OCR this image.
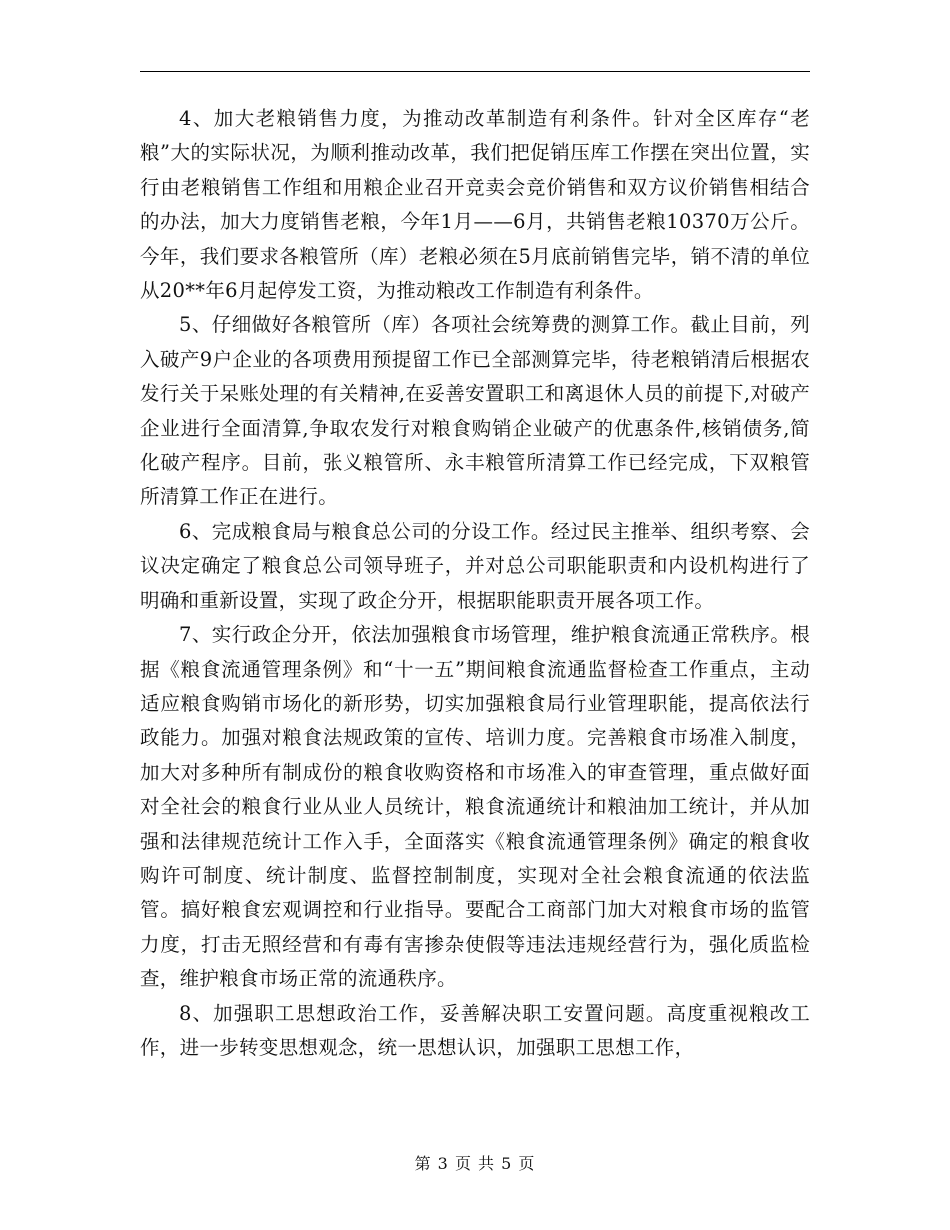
4、加大老粮销售力度，为推动改革制造有利条件。针对全区库存“老粮”大的实际状况，为顺利推动改革，我们把促销压库工作摆在突出位置，实行由老粮销售工作组和用粮企业召开竞卖会竞价销售和双方议价销售相结合的办法，加大力度销售老粮，今年1月——6月，共销售老粮10370万公斤。今年，我们要求各粮管所（库）老粮必须在5月底前销售完毕，销不清的单位从20**年6月起停发工资，为推动粮改工作制造有利条件。

5、仔细做好各粮管所（库）各项社会统筹费的测算工作。截止目前，列入破产9户企业的各项费用预提留工作已全部测算完毕，待老粮销清后根据农发行关于呆账处理的有关精神,在妥善安置职工和离退休人员的前提下,对破产企业进行全面清算,争取农发行对粮食购销企业破产的优惠条件,核销债务,简化破产程序。目前，张义粮管所、永丰粮管所清算工作已经完成，下双粮管所清算工作正在进行。

6、完成粮食局与粮食总公司的分设工作。经过民主推举、组织考察、会议决定确定了粮食总公司领导班子，并对总公司职能职责和内设机构进行了明确和重新设置，实现了政企分开，根据职能职责开展各项工作。

7、实行政企分开，依法加强粮食市场管理，维护粮食流通正常秩序。根据《粮食流通管理条例》和“十一五”期间粮食流通监督检查工作重点，主动适应粮食购销市场化的新形势，切实加强粮食局行业管理职能，提高依法行政能力。加强对粮食法规政策的宣传、培训力度。完善粮食市场准入制度，加大对多种所有制成份的粮食收购资格和市场准入的审查管理，重点做好面对全社会的粮食行业从业人员统计，粮食流通统计和粮油加工统计，并从加强和法律规范统计工作入手，全面落实《粮食流通管理条例》确定的粮食收购许可制度、统计制度、监督控制制度，实现对全社会粮食流通的依法监管。搞好粮食宏观调控和行业指导。要配合工商部门加大对粮食市场的监管力度，打击无照经营和有毒有害掺杂使假等违法违规经营行为，强化质监检查，维护粮食市场正常的流通秩序。

8、加强职工思想政治工作，妥善解决职工安置问题。高度重视粮改工作，进一步转变思想观念，统一思想认识，加强职工思想工作，

第 3 页 共 5 页
